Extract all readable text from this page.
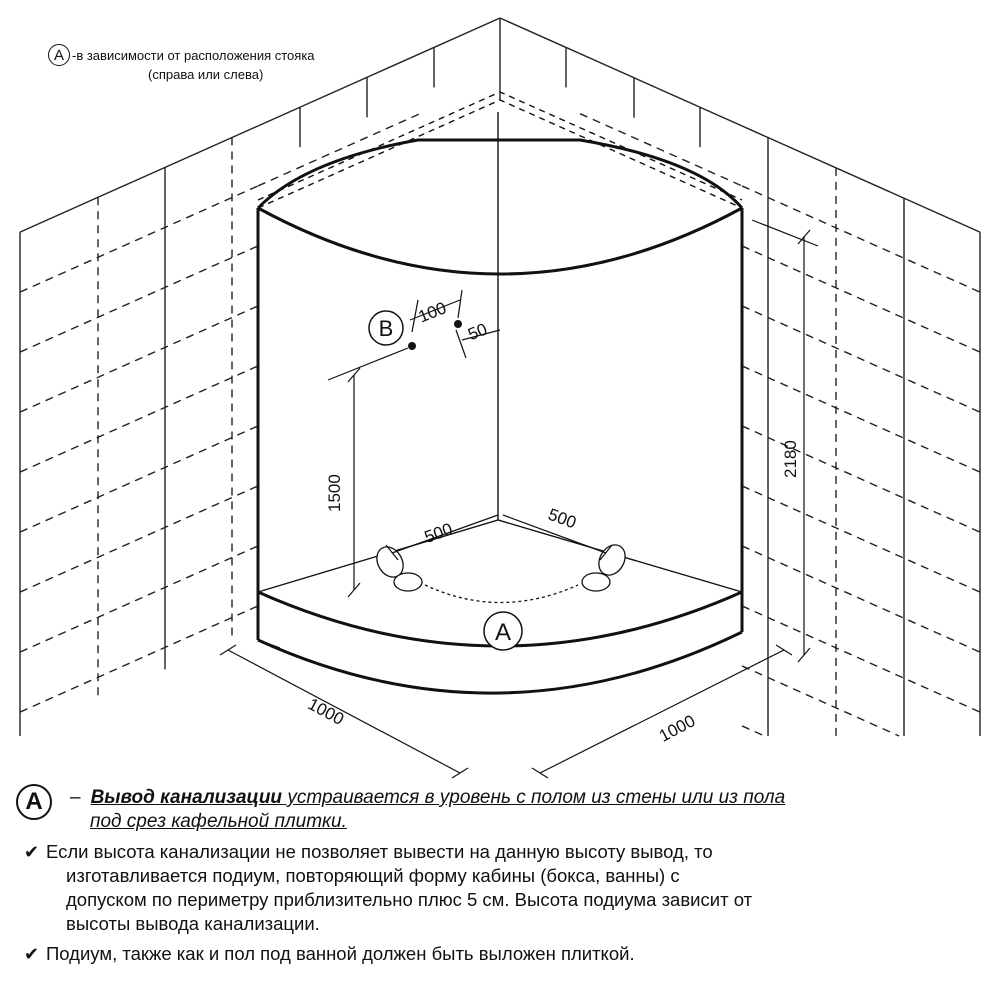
100
50
1500
500
500
2180
1000	1000
B
A
A -в зависимости от расположения стояка
(справа или слева)
A	– Вывод канализации устраивается в уровень с полом из стены или из пола
под срез кафельной плитки.
✔ Если высота канализации не позволяет вывести на данную высоту вывод, то
изготавливается подиум, повторяющий форму кабины (бокса, ванны) с
допуском по периметру приблизительно плюс 5 см. Высота подиума зависит от
высоты вывода канализации.
✔ Подиум, также как и пол под ванной должен быть выложен плиткой.
